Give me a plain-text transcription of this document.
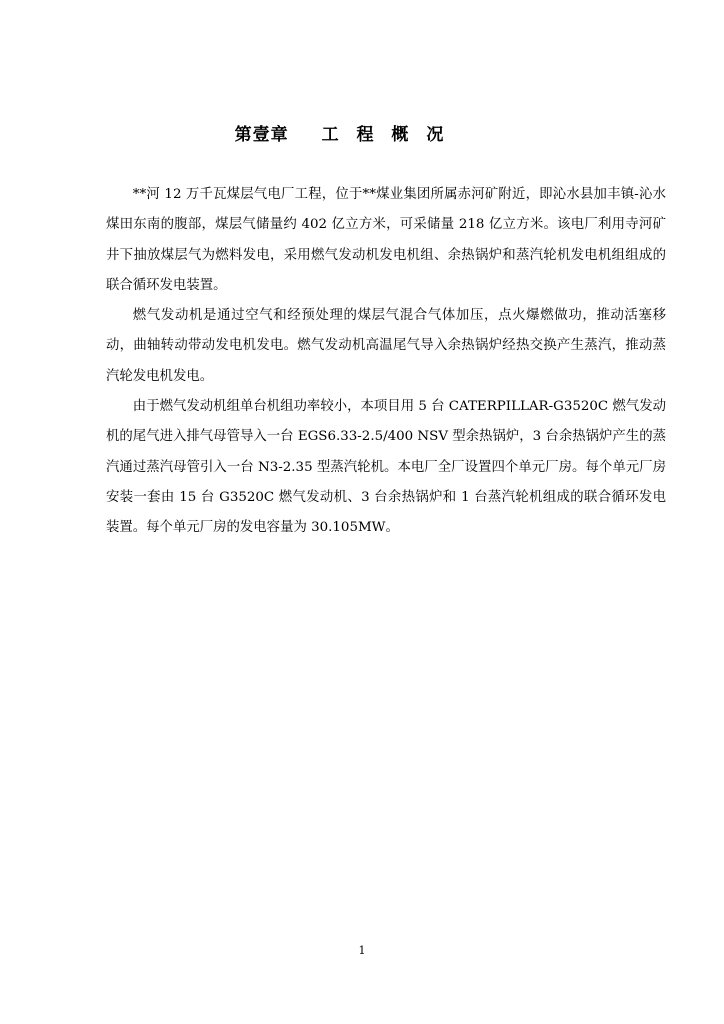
第壹章 工 程 概 况

**河 12 万千瓦煤层气电厂工程，位于**煤业集团所属赤河矿附近，即沁水县加丰镇-沁水煤田东南的腹部，煤层气储量约 402 亿立方米，可采储量 218 亿立方米。该电厂利用寺河矿井下抽放煤层气为燃料发电，采用燃气发动机发电机组、余热锅炉和蒸汽轮机发电机组组成的联合循环发电装置。

燃气发动机是通过空气和经预处理的煤层气混合气体加压，点火爆燃做功，推动活塞移动，曲轴转动带动发电机发电。燃气发动机高温尾气导入余热锅炉经热交换产生蒸汽，推动蒸汽轮发电机发电。

由于燃气发动机组单台机组功率较小，本项目用 5 台 CATERPILLAR-G3520C 燃气发动机的尾气进入排气母管导入一台 EGS6.33-2.5/400 NSV 型余热锅炉，3 台余热锅炉产生的蒸汽通过蒸汽母管引入一台 N3-2.35 型蒸汽轮机。本电厂全厂设置四个单元厂房。每个单元厂房安装一套由 15 台 G3520C 燃气发动机、3 台余热锅炉和 1 台蒸汽轮机组成的联合循环发电装置。每个单元厂房的发电容量为 30.105MW。

1
